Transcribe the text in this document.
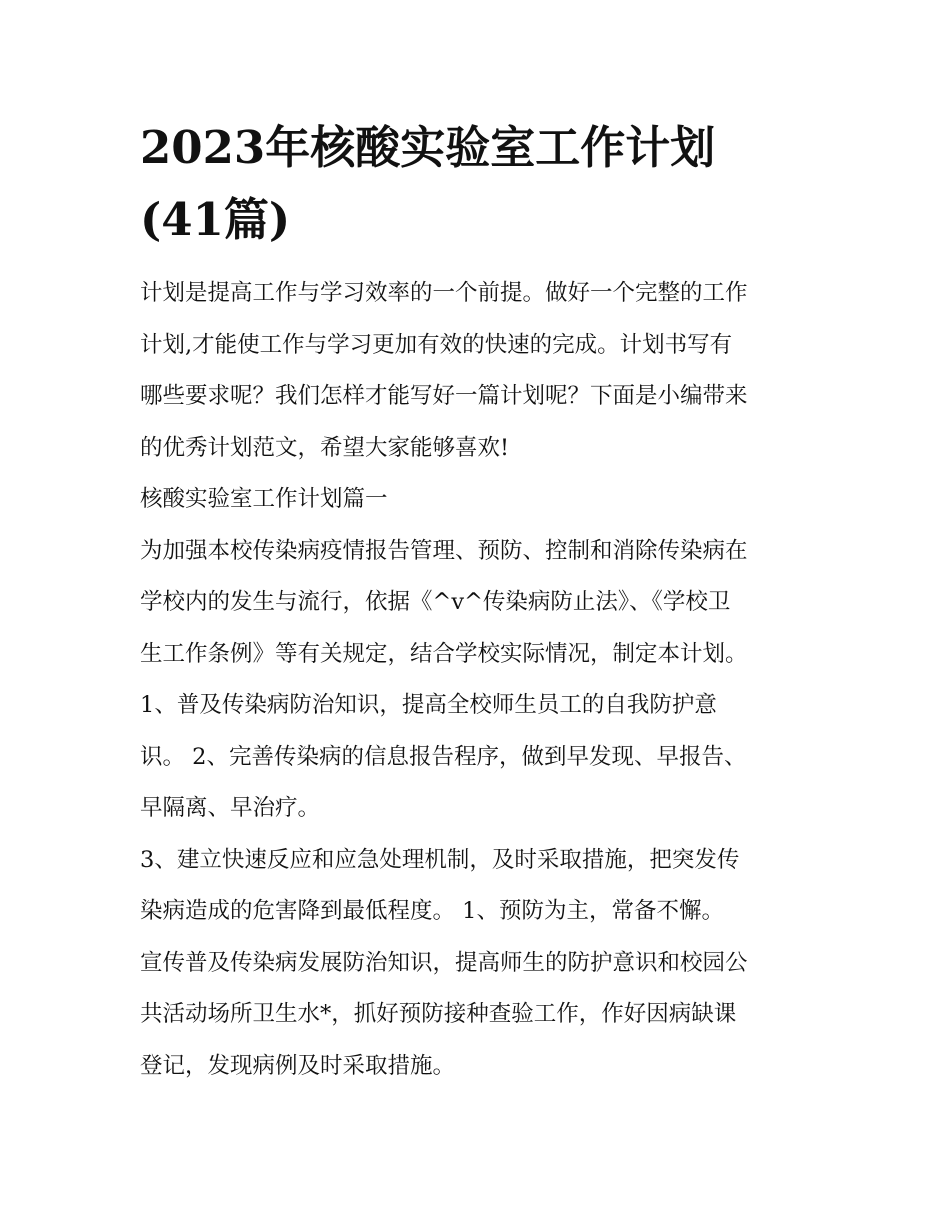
2023年核酸实验室工作计划
(41篇)
计划是提高工作与学习效率的一个前提。做好一个完整的工作
计划,才能使工作与学习更加有效的快速的完成。计划书写有
哪些要求呢？我们怎样才能写好一篇计划呢？下面是小编带来
的优秀计划范文，希望大家能够喜欢!
核酸实验室工作计划篇一
为加强本校传染病疫情报告管理、预防、控制和消除传染病在
学校内的发生与流行，依据《^v^传染病防止法》、《学校卫
生工作条例》等有关规定，结合学校实际情况，制定本计划。
1、普及传染病防治知识，提高全校师生员工的自我防护意
识。 2、完善传染病的信息报告程序，做到早发现、早报告、
早隔离、早治疗。
3、建立快速反应和应急处理机制，及时采取措施，把突发传
染病造成的危害降到最低程度。 1、预防为主，常备不懈。
宣传普及传染病发展防治知识，提高师生的防护意识和校园公
共活动场所卫生水*，抓好预防接种查验工作，作好因病缺课
登记，发现病例及时采取措施。
